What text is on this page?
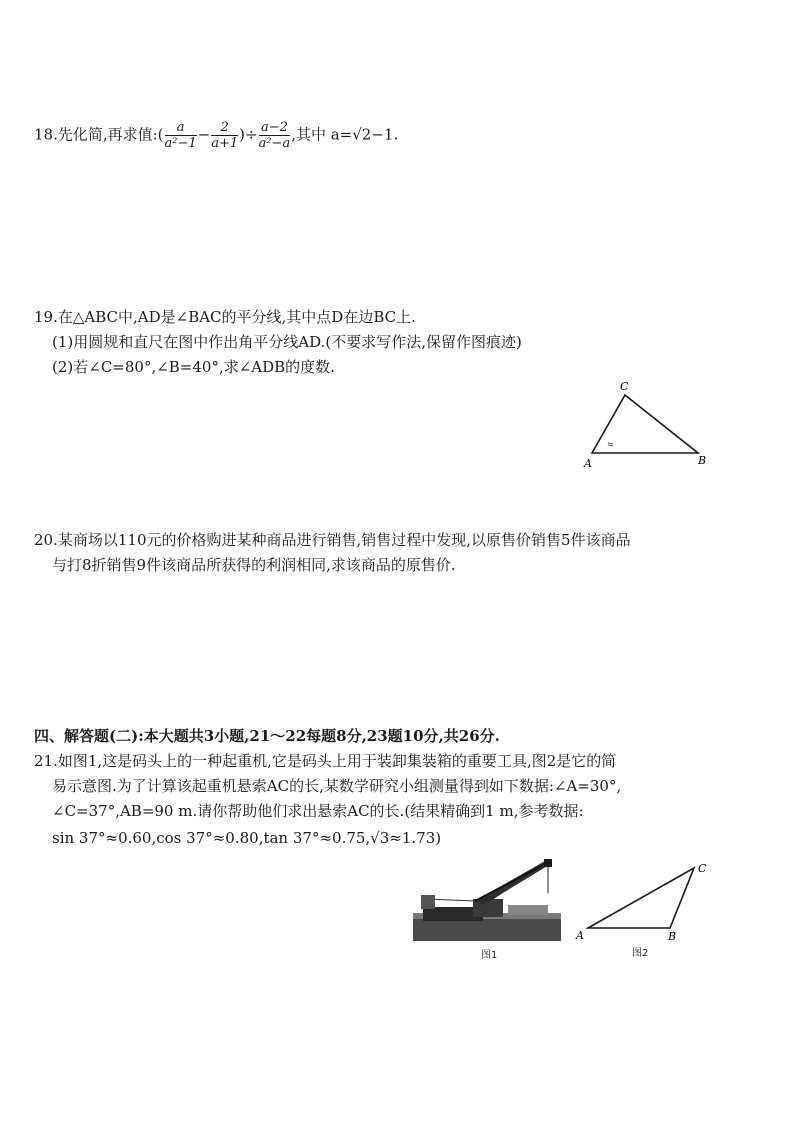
18.先化简,再求值:( $\frac{a}{\text{a²−1}} - \frac{2}{a+1}$ )÷ $\frac{a-2}{\text{a²−a}}$ ,其中 a=√2−1.
19.在△ABC中,AD是∠BAC的平分线,其中点D在边BC上.
(1)用圆规和直尺在图中作出角平分线AD.(不要求写作法,保留作图痕迹)
(2)若∠C=80°,∠B=40°,求∠ADB的度数.
C
A	B
20.某商场以110元的价格购进某种商品进行销售,销售过程中发现,以原售价销售5件该商品
与打8折销售9件该商品所获得的利润相同,求该商品的原售价.
四、解答题(二):本大题共3小题,21～22每题8分,23题10分,共26分.
21.如图1,这是码头上的一种起重机,它是码头上用于装卸集装箱的重要工具,图2是它的简
易示意图.为了计算该起重机悬索AC的长,某数学研究小组测量得到如下数据:∠A=30°,
∠C=37°,AB=90 m.请你帮助他们求出悬索AC的长.(结果精确到1 m,参考数据:
sin 37°≈0.60,cos 37°≈0.80,tan 37°≈0.75,√3≈1.73)
图1
A	B
C
图2
